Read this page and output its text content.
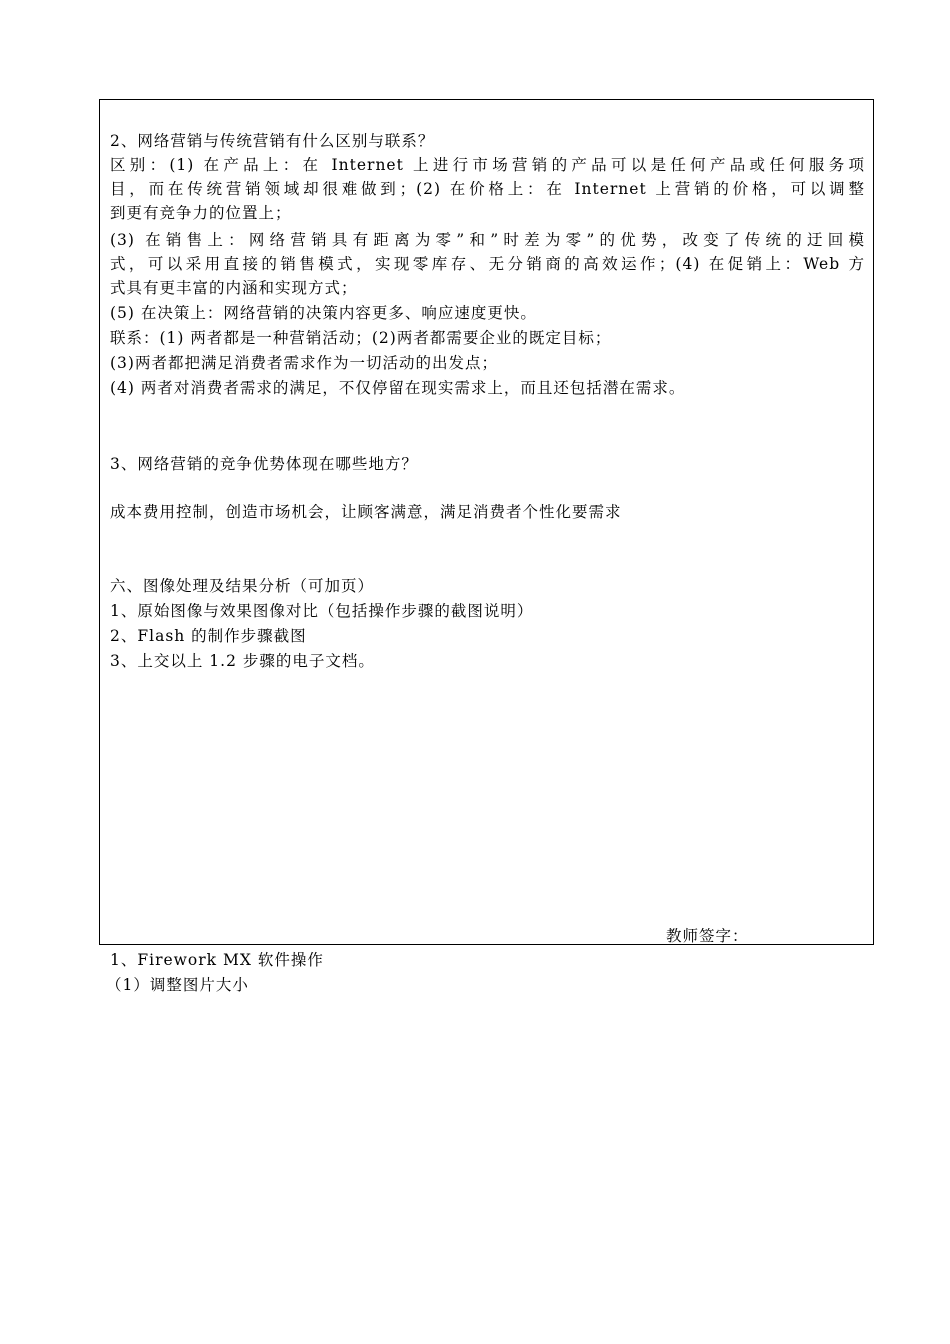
2、网络营销与传统营销有什么区别与联系？
区别：(1) 在产品上：在 Internet 上进行市场营销的产品可以是任何产品或任何服务项
目，而在传统营销领域却很难做到；(2) 在价格上：在 Internet 上营销的价格，可以调整
到更有竞争力的位置上；
(3) 在销售上：网络营销具有距离为零”和”时差为零”的优势，改变了传统的迂回模
式，可以采用直接的销售模式，实现零库存、无分销商的高效运作；(4) 在促销上：Web 方
式具有更丰富的内涵和实现方式；
(5) 在决策上：网络营销的决策内容更多、响应速度更快。
联系：(1) 两者都是一种营销活动；(2)两者都需要企业的既定目标；
(3)两者都把满足消费者需求作为一切活动的出发点；
(4) 两者对消费者需求的满足，不仅停留在现实需求上，而且还包括潜在需求。
3、网络营销的竞争优势体现在哪些地方？
成本费用控制，创造市场机会，让顾客满意，满足消费者个性化要需求
六、图像处理及结果分析（可加页）
1、原始图像与效果图像对比（包括操作步骤的截图说明）
2、Flash 的制作步骤截图
3、上交以上 1.2 步骤的电子文档。
教师签字：
1、Firework MX 软件操作
（1）调整图片大小
